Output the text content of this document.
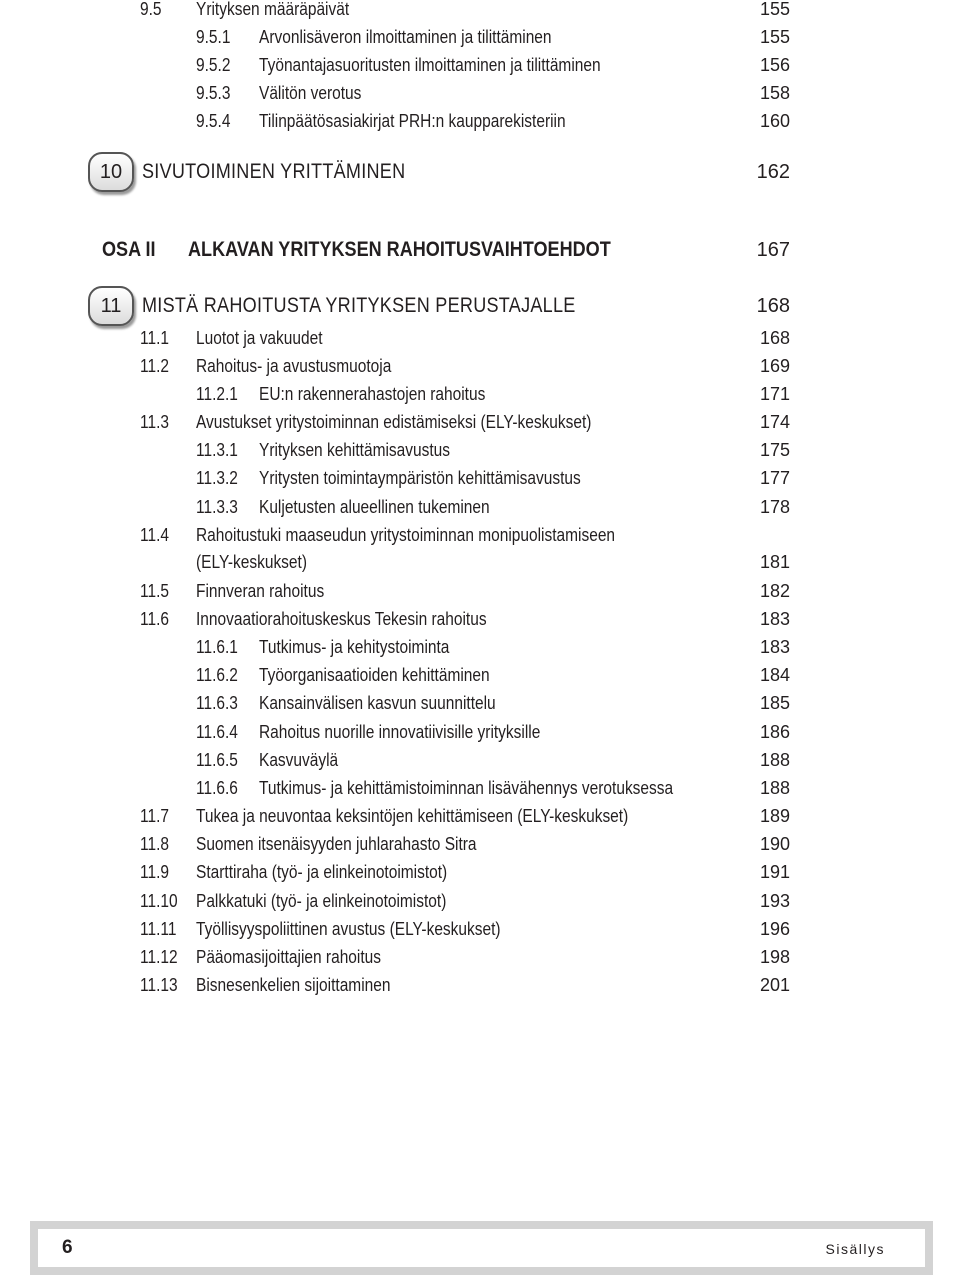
9.5 Yrityksen määräpäivät	155
9.5.1	Arvonlisäveron ilmoittaminen ja tilittäminen	155
9.5.2	Työnantajasuoritusten ilmoittaminen ja tilittäminen	156
9.5.3	Välitön verotus	158
9.5.4	Tilinpäätösasiakirjat PRH:n kaupparekisteriin	160
10 SIVUTOIMINEN YRITTÄMINEN	162
OSA II	ALKAVAN YRITYKSEN RAHOITUSVAIHTOEHDOT	167
11 MISTÄ RAHOITUSTA YRITYKSEN PERUSTAJALLE	168
11.1 Luotot ja vakuudet	168
11.2 Rahoitus- ja avustusmuotoja	169
11.2.1	EU:n rakennerahastojen rahoitus	171
11.3 Avustukset yritystoiminnan edistämiseksi (ELY-keskukset)	174
11.3.1	Yrityksen kehittämisavustus	175
11.3.2	Yritysten toimintaympäristön kehittämisavustus	177
11.3.3	Kuljetusten alueellinen tukeminen	178
11.4 Rahoitustuki maaseudun yritystoiminnan monipuolistamiseen
(ELY-keskukset)	181
11.5 Finnveran rahoitus	182
11.6 Innovaatiorahoituskeskus Tekesin rahoitus	183
11.6.1	Tutkimus- ja kehitystoiminta	183
11.6.2	Työorganisaatioiden kehittäminen	184
11.6.3	Kansainvälisen kasvun suunnittelu	185
11.6.4	Rahoitus nuorille innovatiivisille yrityksille	186
11.6.5	Kasvuväylä	188
11.6.6	Tutkimus- ja kehittämistoiminnan lisävähennys verotuksessa	188
11.7 Tukea ja neuvontaa keksintöjen kehittämiseen (ELY-keskukset)	189
11.8 Suomen itsenäisyyden juhlarahasto Sitra	190
11.9 Starttiraha (työ- ja elinkeinotoimistot)	191
11.10	Palkkatuki (työ- ja elinkeinotoimistot)	193
11.11	Työllisyyspoliittinen avustus (ELY-keskukset)	196
11.12	Pääomasijoittajien rahoitus	198
11.13	Bisnesenkelien sijoittaminen	201
6	Sisällys
